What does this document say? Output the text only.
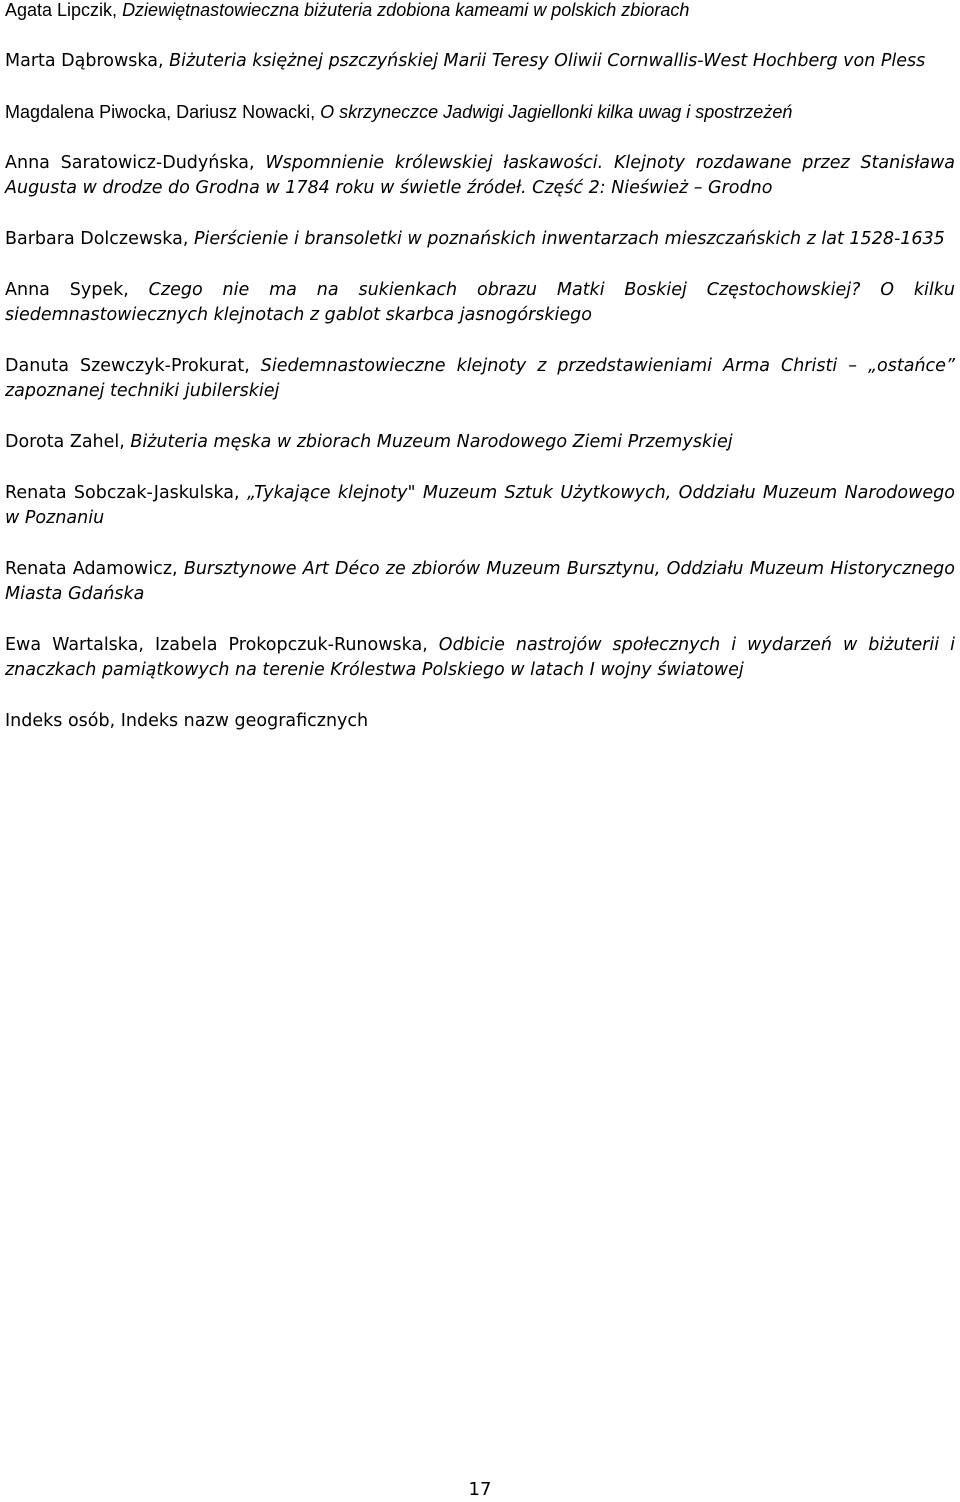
Agata Lipczik, Dziewiętnastowieczna biżuteria zdobiona kameami w polskich zbiorach

Marta Dąbrowska, Biżuteria księżnej pszczyńskiej Marii Teresy Oliwii Cornwallis-West Hochberg von Pless

Magdalena Piwocka, Dariusz Nowacki, O skrzyneczce Jadwigi Jagiellonki kilka uwag i spostrzeżeń

Anna Saratowicz-Dudyńska, Wspomnienie królewskiej łaskawości. Klejnoty rozdawane przez Stanisława Augusta w drodze do Grodna w 1784 roku w świetle źródeł. Część 2: Nieśwież – Grodno

Barbara Dolczewska, Pierścienie i bransoletki w poznańskich inwentarzach mieszczańskich z lat 1528-1635

Anna Sypek, Czego nie ma na sukienkach obrazu Matki Boskiej Częstochowskiej? O kilku siedemnastowiecznych klejnotach z gablot skarbca jasnogórskiego

Danuta Szewczyk-Prokurat, Siedemnastowieczne klejnoty z przedstawieniami Arma Christi – „ostańce” zapoznanej techniki jubilerskiej

Dorota Zahel, Biżuteria męska w zbiorach Muzeum Narodowego Ziemi Przemyskiej

Renata Sobczak-Jaskulska, „Tykające klejnoty" Muzeum Sztuk Użytkowych, Oddziału Muzeum Narodowego w Poznaniu

Renata Adamowicz, Bursztynowe Art Déco ze zbiorów Muzeum Bursztynu, Oddziału Muzeum Historycznego Miasta Gdańska

Ewa Wartalska, Izabela Prokopczuk-Runowska, Odbicie nastrojów społecznych i wydarzeń w biżuterii i znaczkach pamiątkowych na terenie Królestwa Polskiego w latach I wojny światowej

Indeks osób, Indeks nazw geograficznych

17
